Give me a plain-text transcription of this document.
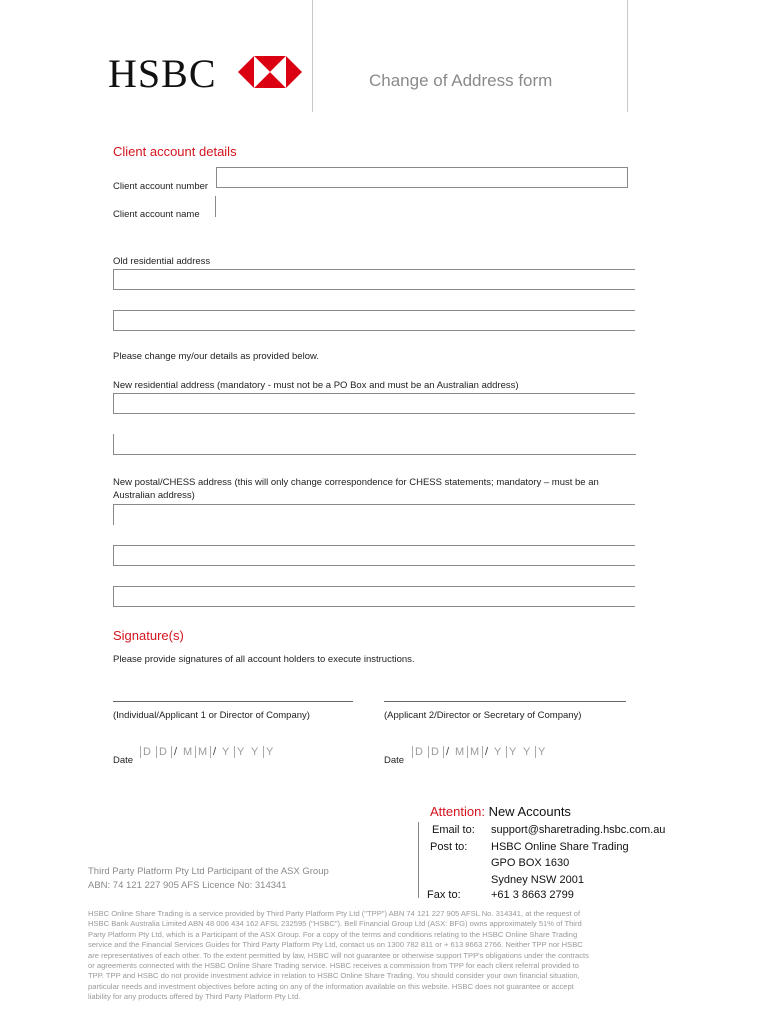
HSBC	Change of Address form
Client account details
Client account number
Client account name
Old residential address
Please change my/our details as provided below.
New residential address (mandatory - must not be a PO Box and must be an Australian address)
New postal/CHESS address (this will only change correspondence for CHESS statements; mandatory – must be an
Australian address)
Signature(s)
Please provide signatures of all account holders to execute instructions.
(Individual/Applicant 1 or Director of Company)	(Applicant 2/Director or Secretary of Company)
Date
D D / M M / Y Y Y Y
Date
D D / M M / Y Y Y Y
Attention: New Accounts
Email to: support@sharetrading.hsbc.com.au
Post to: HSBC Online Share Trading
GPO BOX 1630
Sydney NSW 2001
Fax to:	+61 3 8663 2799
Third Party Platform Pty Ltd Participant of the ASX Group
ABN: 74 121 227 905 AFS Licence No: 314341
HSBC Online Share Trading is a service provided by Third Party Platform Pty Ltd ("TPP") ABN 74 121 227 905 AFSL No. 314341, at the request of
HSBC Bank Australia Limited ABN 48 006 434 162 AFSL 232595 ("HSBC"). Bell Financial Group Ltd (ASX: BFG) owns approximately 51% of Third
Party Platform Pty Ltd, which is a Participant of the ASX Group. For a copy of the terms and conditions relating to the HSBC Online Share Trading
service and the Financial Services Guides for Third Party Platform Pty Ltd, contact us on 1300 782 811 or + 613 8663 2766. Neither TPP nor HSBC
are representatives of each other. To the extent permitted by law, HSBC will not guarantee or otherwise support TPP's obligations under the contracts
or agreements connected with the HSBC Online Share Trading service. HSBC receives a commission from TPP for each client referral provided to
TPP. TPP and HSBC do not provide investment advice in relation to HSBC Online Share Trading. You should consider your own financial situation,
particular needs and investment objectives before acting on any of the information available on this website. HSBC does not guarantee or accept
liability for any products offered by Third Party Platform Pty Ltd.
